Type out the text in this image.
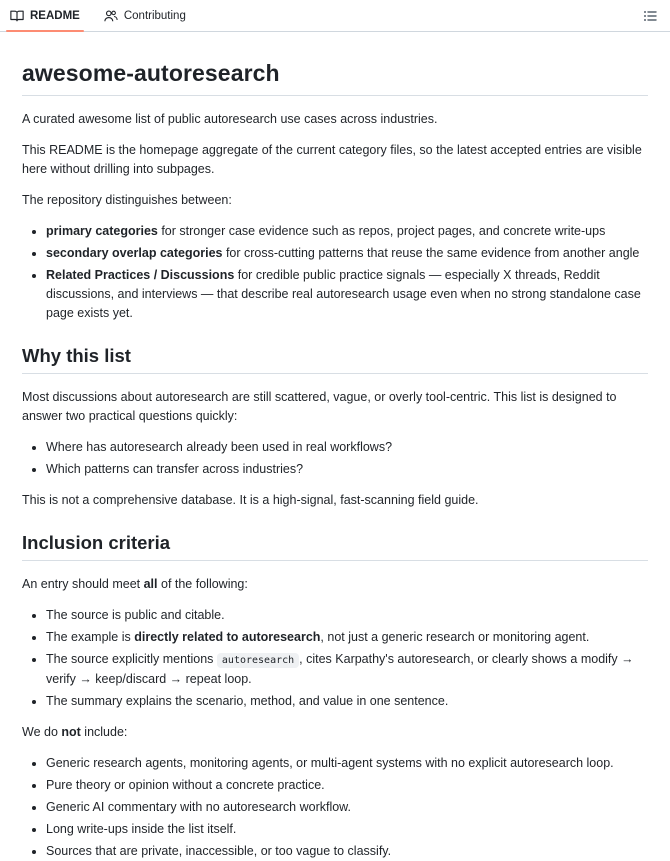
README	Contributing
awesome-autoresearch

A curated awesome list of public autoresearch use cases across industries.

This README is the homepage aggregate of the current category files, so the latest accepted entries are visible here without drilling into subpages.

The repository distinguishes between:

• primary categories for stronger case evidence such as repos, project pages, and concrete write-ups
• secondary overlap categories for cross-cutting patterns that reuse the same evidence from another angle
• Related Practices / Discussions for credible public practice signals — especially X threads, Reddit discussions, and interviews — that describe real autoresearch usage even when no strong standalone case page exists yet.
Why this list

Most discussions about autoresearch are still scattered, vague, or overly tool-centric. This list is designed to answer two practical questions quickly:

• Where has autoresearch already been used in real workflows?
• Which patterns can transfer across industries?

This is not a comprehensive database. It is a high-signal, fast-scanning field guide.

Inclusion criteria

An entry should meet all of the following:

• The source is public and citable.
• The example is directly related to autoresearch, not just a generic research or monitoring agent.
• The source explicitly mentions autoresearch , cites Karpathy's autoresearch, or clearly shows a modify → verify → keep/discard → repeat loop.
• The summary explains the scenario, method, and value in one sentence.

We do not include:

• Generic research agents, monitoring agents, or multi-agent systems with no explicit autoresearch loop.
• Pure theory or opinion without a concrete practice.
• Generic AI commentary with no autoresearch workflow.
• Long write-ups inside the list itself.
• Sources that are private, inaccessible, or too vague to classify.
